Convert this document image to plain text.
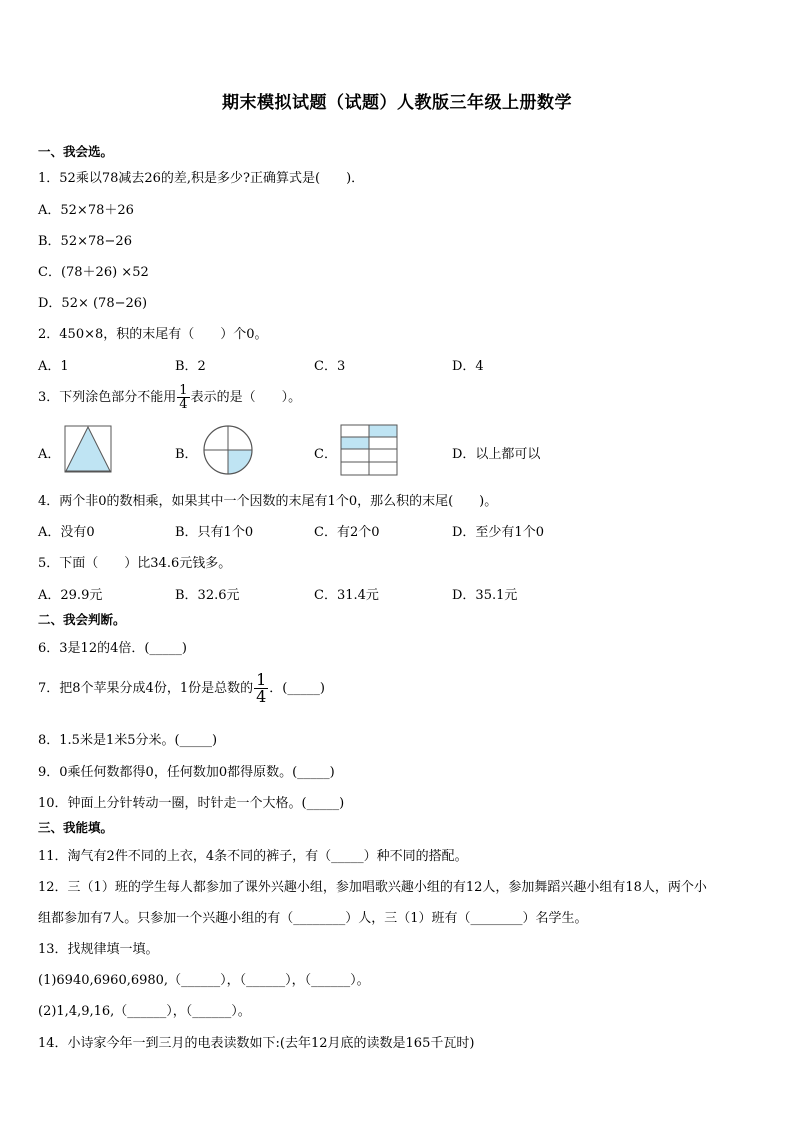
期末模拟试题（试题）人教版三年级上册数学
一、我会选。
1．52乘以78减去26的差,积是多少?正确算式是(　　)．
A．52×78＋26
B．52×78−26
C．(78＋26) ×52
D．52× (78−26)
2．450×8，积的末尾有（　　）个0。
A．1	B．2	C．3	D．4
3．下列涂色部分不能用 $\frac{1}{4}$ 表示的是（　　）。
A．	B．	C．	D．以上都可以
4．两个非0的数相乘，如果其中一个因数的末尾有1个0，那么积的末尾(　　)。
A．没有0	B．只有1个0	C．有2个0	D．至少有1个0
5．下面（　　）比34.6元钱多。
A．29.9元	B．32.6元	C．31.4元	D．35.1元
二、我会判断。
6．3是12的4倍．(_____)
7．把8个苹果分成4份，1份是总数的 $\frac{1}{4}$ ．(_____)
8．1.5米是1米5分米。(_____)
9．0乘任何数都得0，任何数加0都得原数。(_____)
10．钟面上分针转动一圈，时针走一个大格。(_____)
三、我能填。
11．淘气有2件不同的上衣，4条不同的裤子，有（_____）种不同的搭配。
12．三（1）班的学生每人都参加了课外兴趣小组，参加唱歌兴趣小组的有12人，参加舞蹈兴趣小组有18人，两个小
组都参加有7人。只参加一个兴趣小组的有（________）人，三（1）班有（________）名学生。
13．找规律填一填。
(1)6940,6960,6980,（______），（______），（______）。
(2)1,4,9,16,（______），（______）。
14．小诗家今年一到三月的电表读数如下:(去年12月底的读数是165千瓦时)
